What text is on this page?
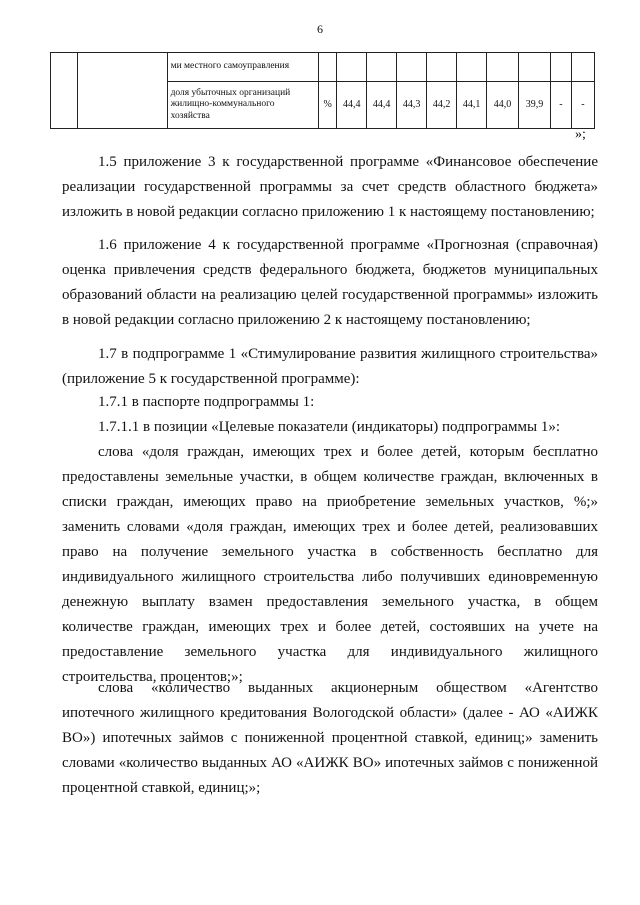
6
		ми местного самоуправления										
		доля убыточных организаций жилищно-коммунального хозяйства	%	44,4	44,4	44,3	44,2	44,1	44,0	39,9	-	-
»;

1.5 приложение 3 к государственной программе «Финансовое обеспечение реализации государственной программы за счет средств областного бюджета» изложить в новой редакции согласно приложению 1 к настоящему постановлению;

1.6 приложение 4 к государственной программе «Прогнозная (справочная) оценка привлечения средств федерального бюджета, бюджетов муниципальных образований области на реализацию целей государственной программы» изложить в новой редакции согласно приложению 2 к настоящему постановлению;

1.7 в подпрограмме 1 «Стимулирование развития жилищного строительства» (приложение 5 к государственной программе):

1.7.1 в паспорте подпрограммы 1:

1.7.1.1 в позиции «Целевые показатели (индикаторы) подпрограммы 1»:

слова «доля граждан, имеющих трех и более детей, которым бесплатно предоставлены земельные участки, в общем количестве граждан, включенных в списки граждан, имеющих право на приобретение земельных участков, %;» заменить словами «доля граждан, имеющих трех и более детей, реализовавших право на получение земельного участка в собственность бесплатно для индивидуального жилищного строительства либо получивших единовременную денежную выплату взамен предоставления земельного участка, в общем количестве граждан, имеющих трех и более детей, состоявших на учете на предоставление земельного участка для индивидуального жилищного строительства, процентов;»;

слова «количество выданных акционерным обществом «Агентство ипотечного жилищного кредитования Вологодской области» (далее - АО «АИЖК ВО») ипотечных займов с пониженной процентной ставкой, единиц;» заменить словами «количество выданных АО «АИЖК ВО» ипотечных займов с пониженной процентной ставкой, единиц;»;
